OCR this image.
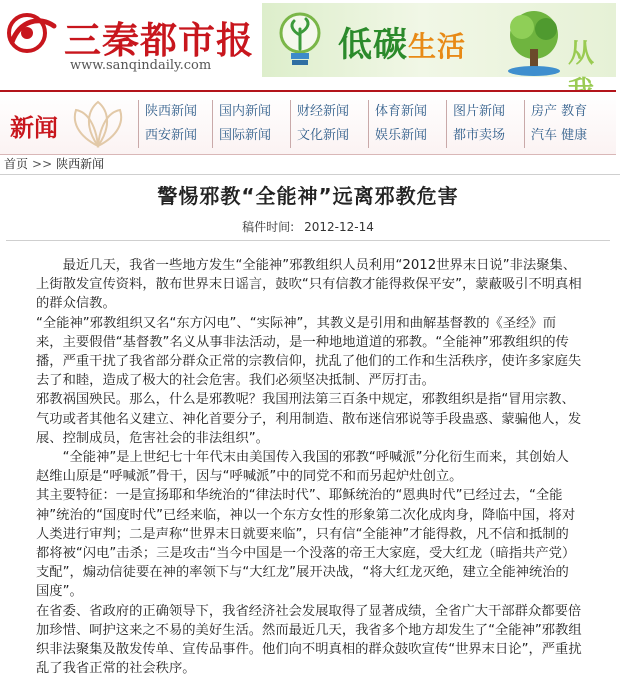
三秦都市报
www.sanqindaily.com
低碳生活	从
新闻
陕西新闻
西安新闻
国内新闻
国际新闻
财经新闻
文化新闻
体育新闻
娱乐新闻
图片新闻
都市卖场
房产 教育
汽车 健康
首页 >> 陕西新闻
警惕邪教“全能神”远离邪教危害
稿件时间: 2012-12-14

最近几天，我省一些地方发生“全能神”邪教组织人员利用“2012世界末日说”非法聚集、上街散发宣传资料，散布世界末日谣言，鼓吹“只有信教才能得救保平安”，蒙蔽吸引不明真相的群众信教。

“全能神”邪教组织又名“东方闪电”、“实际神”，其教义是引用和曲解基督教的《圣经》而来，主要假借“基督教”名义从事非法活动，是一种地地道道的邪教。“全能神”邪教组织的传播，严重干扰了我省部分群众正常的宗教信仰，扰乱了他们的工作和生活秩序，使许多家庭失去了和睦，造成了极大的社会危害。我们必须坚决抵制、严厉打击。

邪教祸国殃民。那么，什么是邪教呢？我国刑法第三百条中规定，邪教组织是指“冒用宗教、气功或者其他名义建立、神化首要分子，利用制造、散布迷信邪说等手段蛊惑、蒙骗他人，发展、控制成员，危害社会的非法组织”。

“全能神”是上世纪七十年代末由美国传入我国的邪教“呼喊派”分化衍生而来，其创始人赵维山原是“呼喊派”骨干，因与“呼喊派”中的同党不和而另起炉灶创立。

其主要特征：一是宣扬耶和华统治的“律法时代”、耶稣统治的“恩典时代”已经过去，“全能神”统治的“国度时代”已经来临，神以一个东方女性的形象第二次化成肉身，降临中国，将对人类进行审判；二是声称“世界末日就要来临”，只有信“全能神”才能得救，凡不信和抵制的都将被“闪电”击杀；三是攻击“当今中国是一个没落的帝王大家庭，受大红龙（暗指共产党）支配”，煽动信徒要在神的率领下与“大红龙”展开决战，“将大红龙灭绝，建立全能神统治的国度”。

在省委、省政府的正确领导下，我省经济社会发展取得了显著成绩，全省广大干部群众都要倍加珍惜、呵护这来之不易的美好生活。然而最近几天，我省多个地方却发生了“全能神”邪教组织非法聚集及散发传单、宣传品事件。他们向不明真相的群众鼓吹宣传“世界末日论”，严重扰乱了我省正常的社会秩序。
